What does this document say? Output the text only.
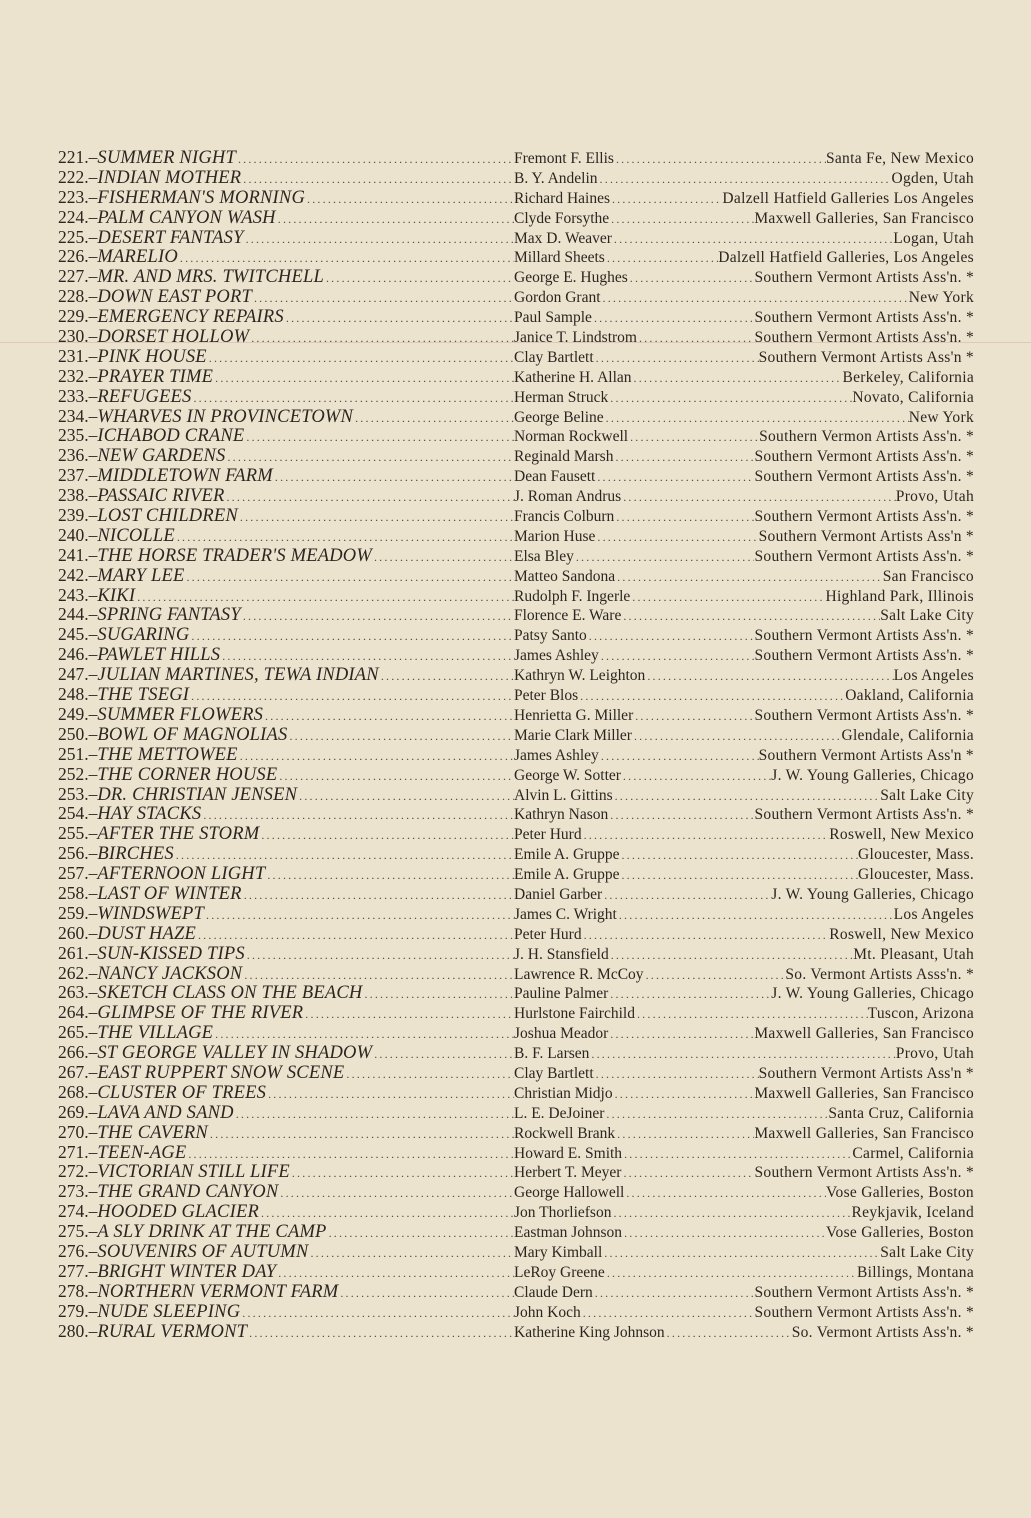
221.– SUMMER NIGHT .....	Fremont F. Ellis .....	Santa Fe, New Mexico
222.– INDIAN MOTHER .....	B. Y. Andelin .....	Ogden, Utah
223.– FISHERMAN'S MORNING .....	Richard Haines .....	Dalzell Hatfield Galleries Los Angeles
224.– PALM CANYON WASH .....	Clyde Forsythe .....	Maxwell Galleries, San Francisco
225.– DESERT FANTASY .....	Max D. Weaver .....	Logan, Utah
226.– MARELIO .....	Millard Sheets .....	Dalzell Hatfield Galleries, Los Angeles
227.– MR. AND MRS. TWITCHELL .....	George E. Hughes .....	Southern Vermont Artists Ass'n. *
228.– DOWN EAST PORT .....	Gordon Grant .....	New York
229.– EMERGENCY REPAIRS .....	Paul Sample .....	Southern Vermont Artists Ass'n. *
230.– DORSET HOLLOW .....	Janice T. Lindstrom .....	Southern Vermont Artists Ass'n. *
231.– PINK HOUSE .....	Clay Bartlett .....	Southern Vermont Artists Ass'n *
232.– PRAYER TIME .....	Katherine H. Allan .....	Berkeley, California
233.– REFUGEES .....	Herman Struck .....	Novato, California
234.– WHARVES IN PROVINCETOWN .....	George Beline .....	New York
235.– ICHABOD CRANE .....	Norman Rockwell .....	Southern Vermon Artists Ass'n. *
236.– NEW GARDENS .....	Reginald Marsh .....	Southern Vermont Artists Ass'n. *
237.– MIDDLETOWN FARM .....	Dean Fausett .....	Southern Vermont Artists Ass'n. *
238.– PASSAIC RIVER .....	J. Roman Andrus .....	Provo, Utah
239.– LOST CHILDREN .....	Francis Colburn .....	Southern Vermont Artists Ass'n. *
240.– NICOLLE .....	Marion Huse .....	Southern Vermont Artists Ass'n *
241.– THE HORSE TRADER'S MEADOW .....	Elsa Bley .....	Southern Vermont Artists Ass'n. *
242.– MARY LEE .....	Matteo Sandona .....	San Francisco
243.– KIKI .....	Rudolph F. Ingerle .....	Highland Park, Illinois
244.– SPRING FANTASY .....	Florence E. Ware .....	Salt Lake City
245.– SUGARING .....	Patsy Santo .....	Southern Vermont Artists Ass'n. *
246.– PAWLET HILLS .....	James Ashley .....	Southern Vermont Artists Ass'n. *
247.– JULIAN MARTINES, TEWA INDIAN .....	Kathryn W. Leighton .....	Los Angeles
248.– THE TSEGI .....	Peter Blos .....	Oakland, California
249.– SUMMER FLOWERS .....	Henrietta G. Miller .....	Southern Vermont Artists Ass'n. *
250.– BOWL OF MAGNOLIAS .....	Marie Clark Miller .....	Glendale, California
251.– THE METTOWEE .....	James Ashley .....	Southern Vermont Artists Ass'n *
252.– THE CORNER HOUSE .....	George W. Sotter .....	J. W. Young Galleries, Chicago
253.– DR. CHRISTIAN JENSEN .....	Alvin L. Gittins .....	Salt Lake City
254.– HAY STACKS .....	Kathryn Nason .....	Southern Vermont Artists Ass'n. *
255.– AFTER THE STORM .....	Peter Hurd .....	Roswell, New Mexico
256.– BIRCHES .....	Emile A. Gruppe .....	Gloucester, Mass.
257.– AFTERNOON LIGHT .....	Emile A. Gruppe .....	Gloucester, Mass.
258.– LAST OF WINTER .....	Daniel Garber .....	J. W. Young Galleries, Chicago
259.– WINDSWEPT .....	James C. Wright .....	Los Angeles
260.– DUST HAZE .....	Peter Hurd .....	Roswell, New Mexico
261.– SUN-KISSED TIPS .....	J. H. Stansfield .....	Mt. Pleasant, Utah
262.– NANCY JACKSON .....	Lawrence R. McCoy .....	So. Vermont Artists Asss'n. *
263.– SKETCH CLASS ON THE BEACH .....	Pauline Palmer .....	J. W. Young Galleries, Chicago
264.– GLIMPSE OF THE RIVER .....	Hurlstone Fairchild .....	Tuscon, Arizona
265.– THE VILLAGE .....	Joshua Meador .....	Maxwell Galleries, San Francisco
266.– ST GEORGE VALLEY IN SHADOW .....	B. F. Larsen .....	Provo, Utah
267.– EAST RUPPERT SNOW SCENE .....	Clay Bartlett .....	Southern Vermont Artists Ass'n *
268.– CLUSTER OF TREES .....	Christian Midjo .....	Maxwell Galleries, San Francisco
269.– LAVA AND SAND .....	L. E. DeJoiner .....	Santa Cruz, California
270.– THE CAVERN .....	Rockwell Brank .....	Maxwell Galleries, San Francisco
271.– TEEN-AGE .....	Howard E. Smith .....	Carmel, California
272.– VICTORIAN STILL LIFE .....	Herbert T. Meyer .....	Southern Vermont Artists Ass'n. *
273.– THE GRAND CANYON .....	George Hallowell .....	Vose Galleries, Boston
274.– HOODED GLACIER .....	Jon Thorliefson .....	Reykjavik, Iceland
275.– A SLY DRINK AT THE CAMP .....	Eastman Johnson .....	Vose Galleries, Boston
276.– SOUVENIRS OF AUTUMN .....	Mary Kimball .....	Salt Lake City
277.– BRIGHT WINTER DAY .....	LeRoy Greene .....	Billings, Montana
278.– NORTHERN VERMONT FARM .....	Claude Dern .....	Southern Vermont Artists Ass'n. *
279.– NUDE SLEEPING .....	John Koch .....	Southern Vermont Artists Ass'n. *
280.– RURAL VERMONT .....	Katherine King Johnson .....	So. Vermont Artists Ass'n. *
